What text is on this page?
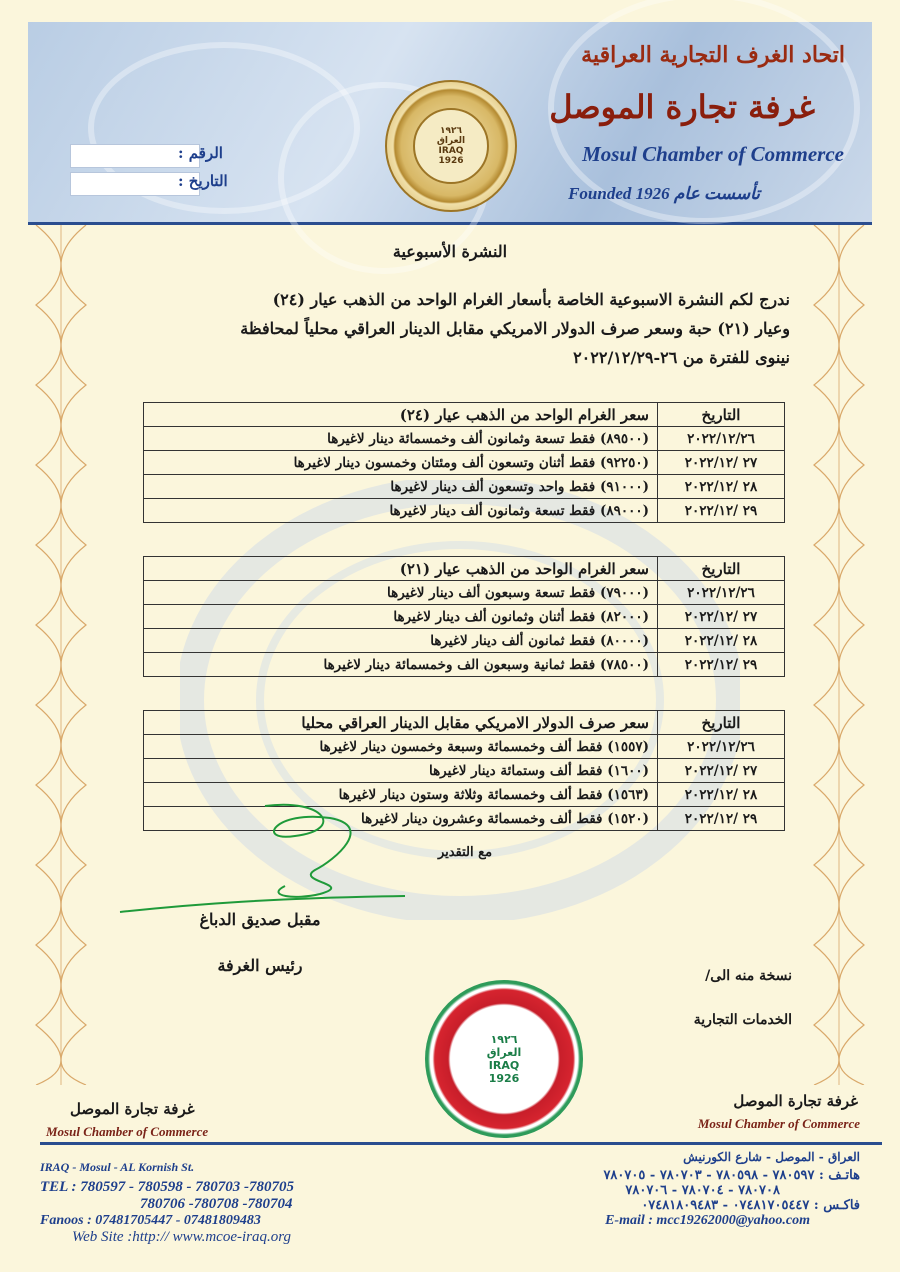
اتحاد الغرف التجارية العراقية
غرفة تجارة الموصل
Mosul Chamber of Commerce
تأسست عام Founded 1926
الرقم :
التاريخ :
١٩٢٦
العراق
IRAQ
1926
النشرة الأسبوعية
ندرج لكم النشرة الاسبوعية الخاصة بأسعار الغرام الواحد من الذهب عيار (٢٤)
وعيار (٢١) حبة وسعر صرف الدولار الامريكي مقابل الدينار العراقي محلياً لمحافظة
نينوى للفترة من ٢٦-٢٠٢٢/١٢/٢٩
التاريخ	سعر الغرام الواحد من الذهب عيار (٢٤)
٢٠٢٢/١٢/٢٦	(٨٩٥٠٠) فقط تسعة وثمانون ألف وخمسمائة دينار لاغيرها
٢٧ /٢٠٢٢/١٢	(٩٢٢٥٠) فقط أثنان وتسعون ألف ومئتان وخمسون دينار لاغيرها
٢٨ /٢٠٢٢/١٢	(٩١٠٠٠) فقط واحد وتسعون ألف دينار لاغيرها
٢٩ /٢٠٢٢/١٢	(٨٩٠٠٠) فقط تسعة وثمانون ألف دينار لاغيرها
التاريخ	سعر الغرام الواحد من الذهب عيار (٢١)
٢٠٢٢/١٢/٢٦	(٧٩٠٠٠) فقط تسعة وسبعون ألف دينار لاغيرها
٢٧ /٢٠٢٢/١٢	(٨٢٠٠٠) فقط أثنان وثمانون ألف دينار لاغيرها
٢٨ /٢٠٢٢/١٢	(٨٠٠٠٠) فقط ثمانون ألف دينار لاغيرها
٢٩ /٢٠٢٢/١٢	(٧٨٥٠٠) فقط ثمانية وسبعون الف وخمسمائة دينار لاغيرها
التاريخ	سعر صرف الدولار الامريكي مقابل الدينار العراقي محليا
٢٠٢٢/١٢/٢٦	(١٥٥٧) فقط ألف وخمسمائة وسبعة وخمسون دينار لاغيرها
٢٧ /٢٠٢٢/١٢	(١٦٠٠) فقط ألف وستمائة دينار لاغيرها
٢٨ /٢٠٢٢/١٢	(١٥٦٣) فقط ألف وخمسمائة وثلاثة وستون دينار لاغيرها
٢٩ /٢٠٢٢/١٢	(١٥٢٠) فقط ألف وخمسمائة وعشرون دينار لاغيرها
مع التقدير
مقبل صديق الدباغ
رئيس الغرفة
نسخة منه الى/
الخدمات التجارية
١٩٢٦
العراق
IRAQ
1926
غرفة تجارة الموصل
Mosul Chamber of Commerce
غرفة تجارة الموصل
Mosul Chamber of Commerce
IRAQ - Mosul - AL Kornish St.
TEL : 780597 - 780598 - 780703 -780705
780706 -780708 -780704
Fanoos : 07481705447 - 07481809483
Web Site :http:// www.mcoe-iraq.org
العراق - الموصل - شارع الكورنيش
هاتـف : ٧٨٠٥٩٧ - ٧٨٠٥٩٨ - ٧٨٠٧٠٣ - ٧٨٠٧٠٥
٧٨٠٧٠٨ - ٧٨٠٧٠٤ - ٧٨٠٧٠٦
فاكـس : ٠٧٤٨١٧٠٥٤٤٧ - ٠٧٤٨١٨٠٩٤٨٣
E-mail : mcc19262000@yahoo.com
